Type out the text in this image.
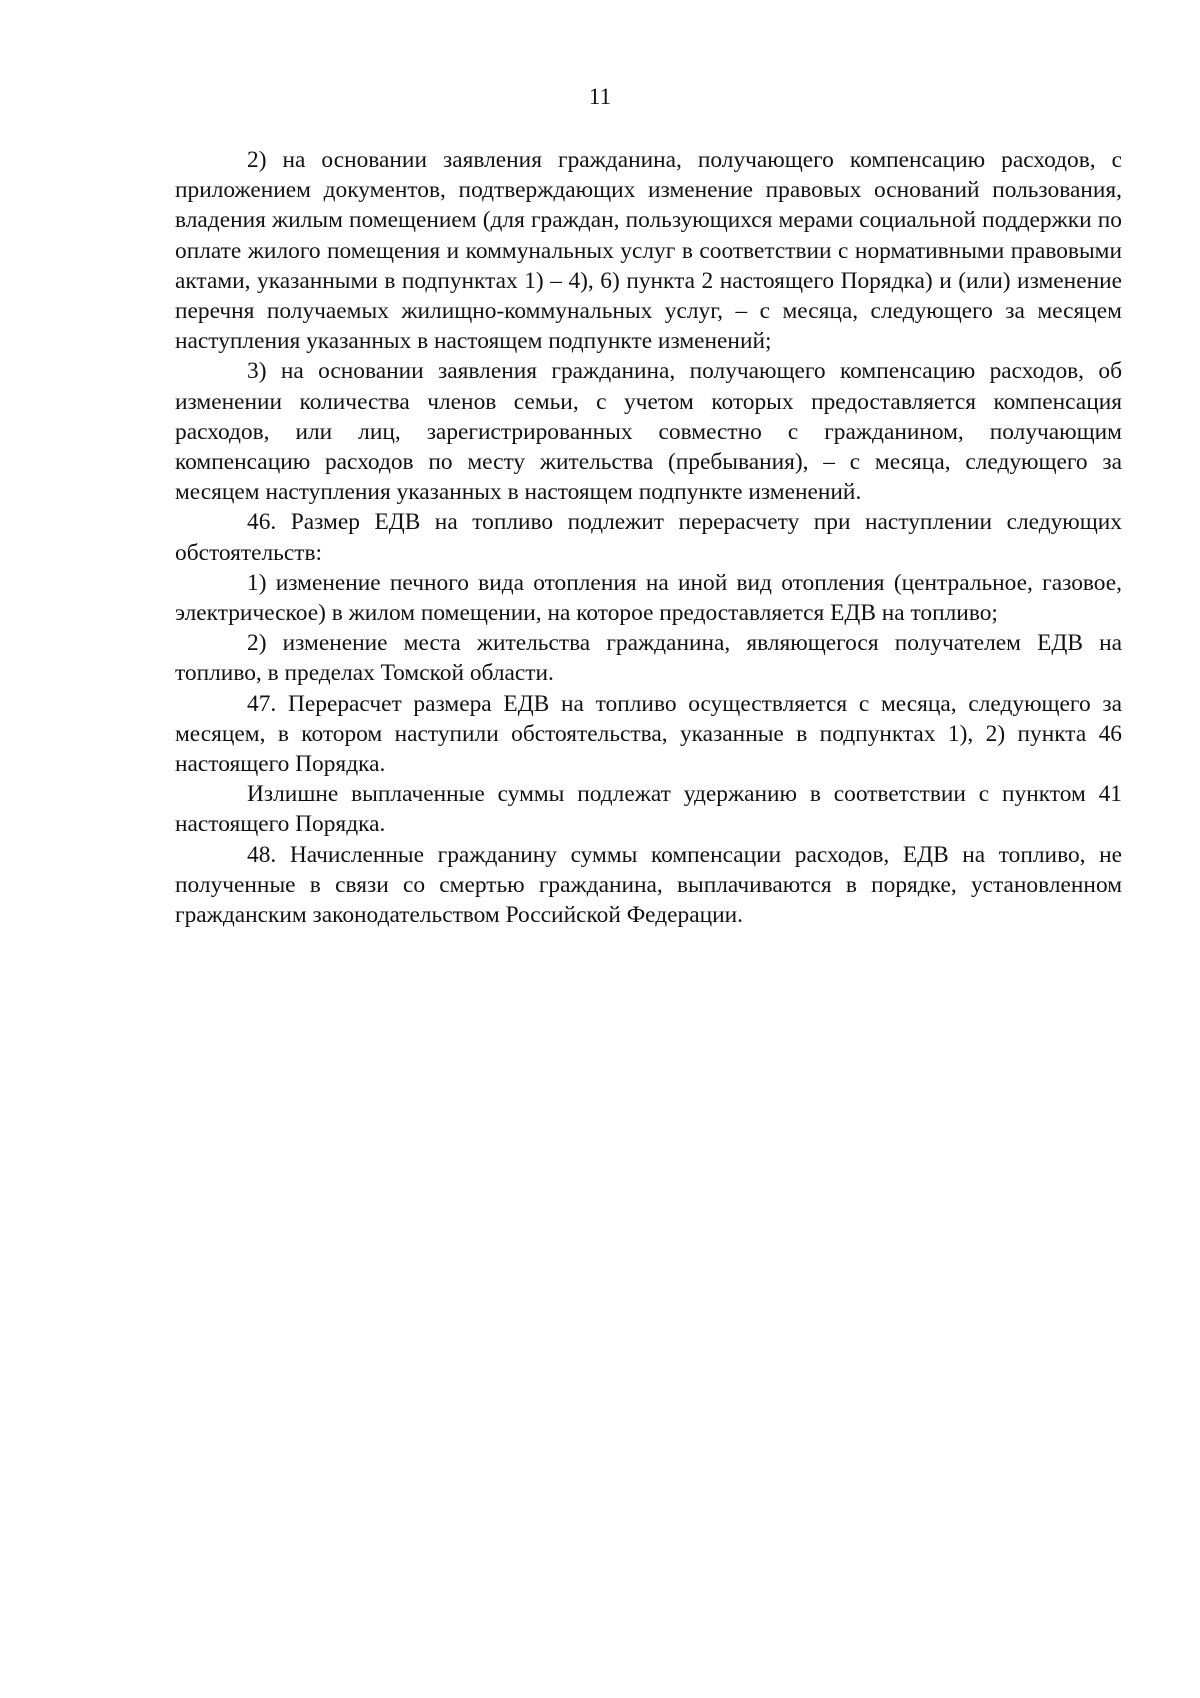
11

2) на основании заявления гражданина, получающего компенсацию расходов, с приложением документов, подтверждающих изменение правовых оснований пользования, владения жилым помещением (для граждан, пользующихся мерами социальной поддержки по оплате жилого помещения и коммунальных услуг в соответствии с нормативными правовыми актами, указанными в подпунктах 1) – 4), 6) пункта 2 настоящего Порядка) и (или) изменение перечня получаемых жилищно-коммунальных услуг, – с месяца, следующего за месяцем наступления указанных в настоящем подпункте изменений;

3) на основании заявления гражданина, получающего компенсацию расходов, об изменении количества членов семьи, с учетом которых предоставляется компенсация расходов, или лиц, зарегистрированных совместно с гражданином, получающим компенсацию расходов по месту жительства (пребывания), – с месяца, следующего за месяцем наступления указанных в настоящем подпункте изменений.

46. Размер ЕДВ на топливо подлежит перерасчету при наступлении следующих обстоятельств:

1) изменение печного вида отопления на иной вид отопления (центральное, газовое, электрическое) в жилом помещении, на которое предоставляется ЕДВ на топливо;

2) изменение места жительства гражданина, являющегося получателем ЕДВ на топливо, в пределах Томской области.

47. Перерасчет размера ЕДВ на топливо осуществляется с месяца, следующего за месяцем, в котором наступили обстоятельства, указанные в подпунктах 1), 2) пункта 46 настоящего Порядка.

Излишне выплаченные суммы подлежат удержанию в соответствии с пунктом 41 настоящего Порядка.

48. Начисленные гражданину суммы компенсации расходов, ЕДВ на топливо, не полученные в связи со смертью гражданина, выплачиваются в порядке, установленном гражданским законодательством Российской Федерации.
